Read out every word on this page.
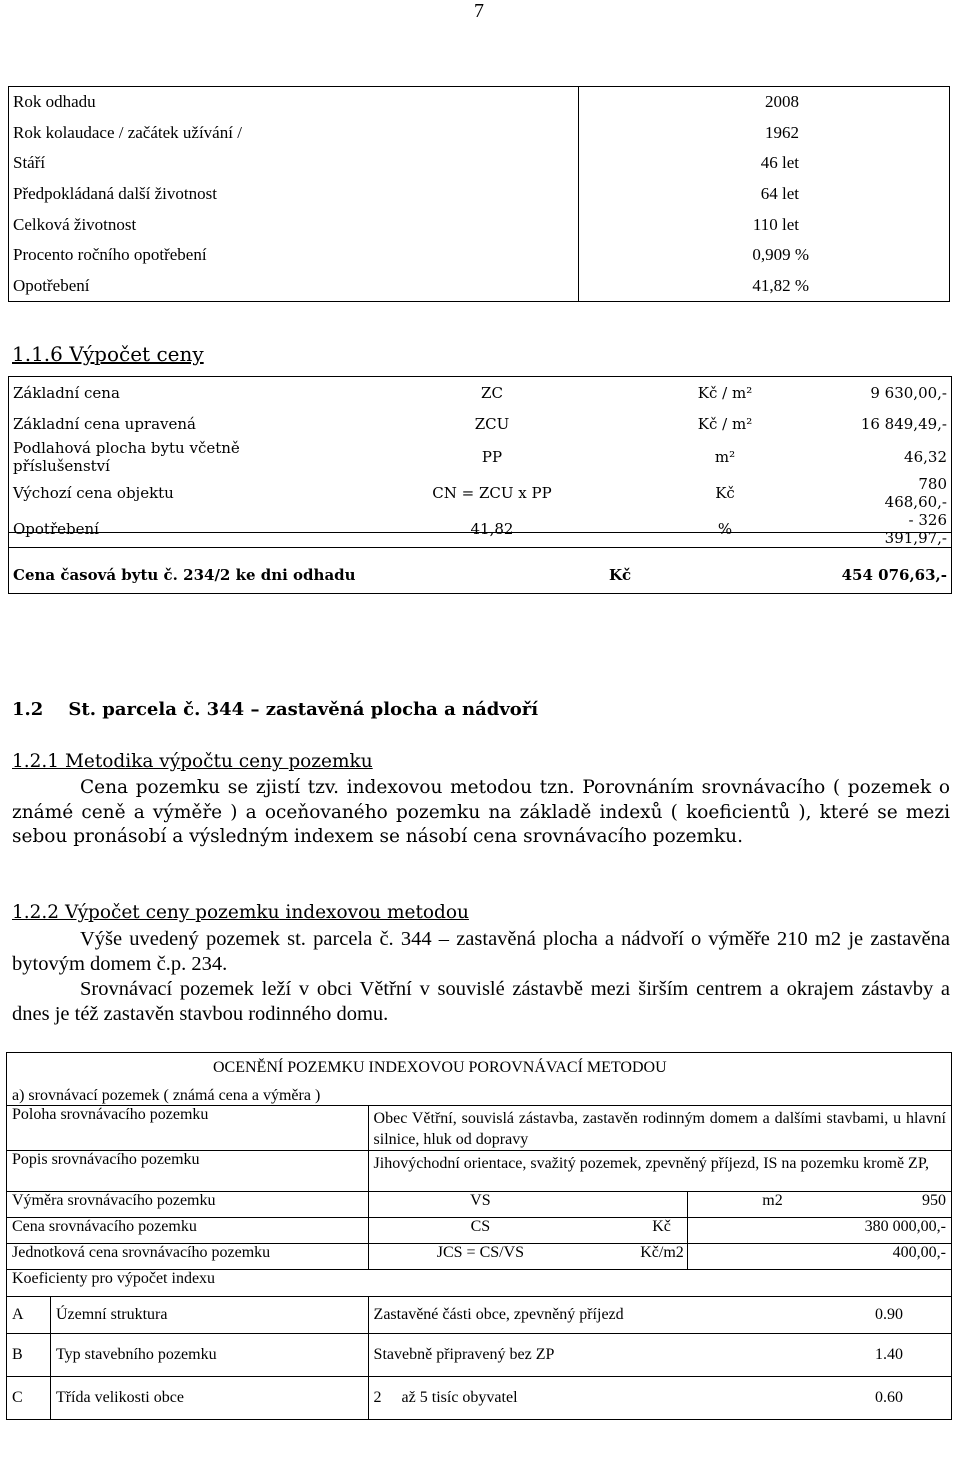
7
Rok odhadu	2008
Rok kolaudace / začátek užívání /	1962
Stáří	46 let
Předpokládaná další životnost	64 let
Celková životnost	110 let
Procento ročního opotřebení	0,909 %
Opotřebení	41,82 %
1.1.6 Výpočet ceny
Základní cena	ZC	Kč / m²	9 630,00,-
Základní cena upravená	ZCU	Kč / m²	16 849,49,-
Podlahová plocha bytu včetně příslušenství	PP	m²	46,32
Výchozí cena objektu	CN = ZCU x PP	Kč	780 468,60,-
Opotřebení	41,82	%	- 326 391,97,-
Cena časová bytu č. 234/2 ke dni odhadu	Kč	454 076,63,-
1.2    St. parcela č. 344 – zastavěná plocha a nádvoří
1.2.1 Metodika výpočtu ceny pozemku
Cena pozemku se zjistí tzv. indexovou metodou tzn. Porovnáním srovnávacího ( pozemek o známé ceně a výměře ) a oceňovaného pozemku na základě indexů ( koeficientů ), které se mezi sebou pronásobí a výsledným indexem se násobí cena srovnávacího pozemku.
1.2.2 Výpočet ceny pozemku indexovou metodou
Výše uvedený pozemek st. parcela č. 344 – zastavěná plocha a nádvoří o výměře 210 m2 je zastavěna bytovým domem č.p. 234.
Srovnávací pozemek leží v obci Větřní v souvislé zástavbě mezi širším centrem a okrajem zástavby a dnes je též zastavěn stavbou rodinného domu.
OCENĚNÍ POZEMKU INDEXOVOU POROVNÁVACÍ METODOU
a) srovnávací pozemek ( známá cena a výměra )			

Poloha srovnávacího pozemku		Obec Větřní, souvislá zástavba, zastavěn rodinným domem a dalšími stavbami, u hlavní silnice, hluk od dopravy	
Popis srovnávacího pozemku		Jihovýchodní orientace, svažitý pozemek, zpevněný příjezd, IS na pozemku kromě ZP,	
Výměra srovnávacího pozemku		VS	m2 950

Cena srovnávacího pozemku		CS	Kč 380 000,00,-

Jednotková cena srovnávacího pozemku		JCS = CS/VS	Kč/m2 400,00,-

Koeficienty pro výpočet indexu			
A	Územní struktura	Zastavěné části obce, zpevněný příjezd	0.90
B	Typ stavebního pozemku	Stavebně připravený bez ZP	1.40
C	Třída velikosti obce	2     až 5 tisíc obyvatel	0.60
